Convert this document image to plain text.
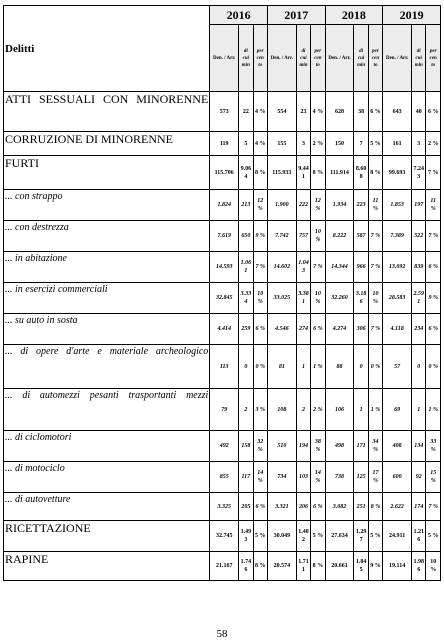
Delitti	2016			2017			2018			2019		
	Den. / Arr.	di cui min	per cen to	Den. / Arr.	di cui min	per cen to	Den. / Arr.	di cui min	per cen to	Den. / Arr.	di cui min	per cen to
ATTI SESSUALI CON MINORENNE	573	22	4 %	554	23	4 %	628	38	6 %	643	40	6 %
CORRUZIONE DI MINORENNE	119	5	4 %	155	3	2 %	150	7	5 %	161	3	2 %
FURTI	115.706	9.064	8 %	115.933	9.441	8 %	111.914	8.608	8 %	99.693	7.243	7 %
... con strappo	1.824	213	12 %	1.900	222	12 %	1.934	223	11 %	1.853	197	11 %
... con destrezza	7.619	650	9 %	7.742	757	10 %	8.222	587	7 %	7.389	522	7 %
... in abitazione	14.593	1.061	7 %	14.602	1.043	7 %	14.344	966	7 %	13.092	839	6 %
... in esercizi commerciali	32.845	3.334	10 %	33.025	3.381	10 %	32.260	3.186	10 %	28.583	2.591	9 %
... su auto in sosta	4.414	259	6 %	4.546	274	6 %	4.274	306	7 %	4.118	234	6 %
... di opere d'arte e materiale archeologico	113	0	0 %	81	1	1 %	88	0	0 %	57	0	0 %
... di automezzi pesanti trasportanti mezzi	79	2	3 %	108	2	2 %	106	1	1 %	69	1	1 %
... di ciclomotori	492	158	32 %	510	194	38 %	498	171	34 %	408	134	33 %
... di motociclo	855	117	14 %	734	103	14 %	738	125	17 %	600	92	15 %
... di autovetture	3.325	205	6 %	3.321	206	6 %	3.082	251	8 %	2.622	174	7 %
RICETTAZIONE	32.745	1.493	5 %	30.049	1.482	5 %	27.634	1.297	5 %	24.911	1.216	5 %
RAPINE	21.167	1.746	8 %	20.574	1.711	8 %	20.661	1.845	9 %	19.114	1.986	10 %
58
